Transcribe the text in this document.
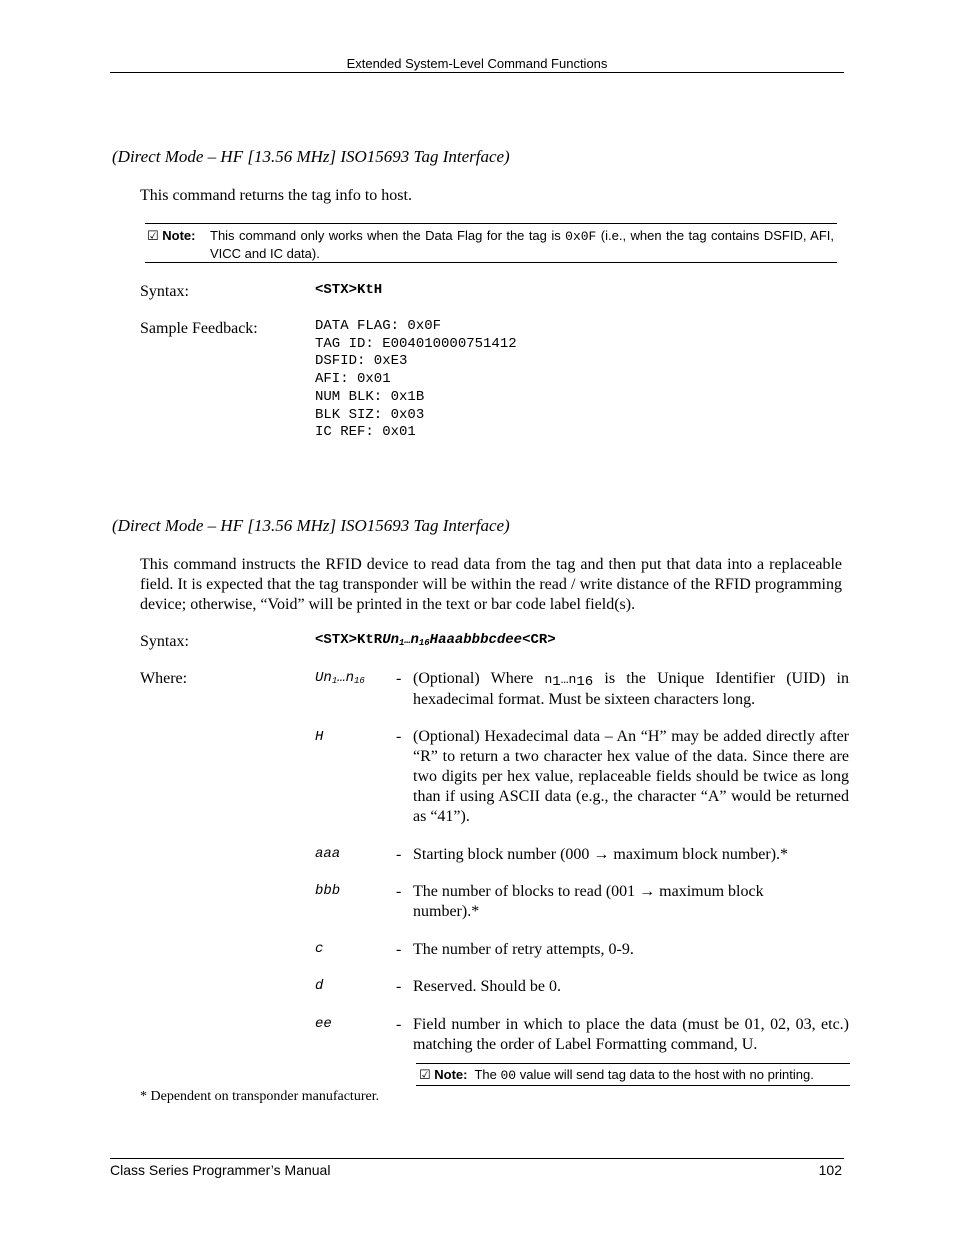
Extended System-Level Command Functions
(Direct Mode – HF [13.56 MHz] ISO15693 Tag Interface)
This command returns the tag info to host.
☑ Note: This command only works when the Data Flag for the tag is 0x0F (i.e., when the tag contains DSFID, AFI, VICC and IC data).
Syntax:	<STX>KtH
Sample Feedback:	DATA FLAG: 0x0F
TAG ID: E004010000751412
DSFID: 0xE3
AFI: 0x01
NUM BLK: 0x1B
BLK SIZ: 0x03
IC REF: 0x01
(Direct Mode – HF [13.56 MHz] ISO15693 Tag Interface)
This command instructs the RFID device to read data from the tag and then put that data into a replaceable field. It is expected that the tag transponder will be within the read / write distance of the RFID programming device; otherwise, “Void” will be printed in the text or bar code label field(s).
Syntax:	$<STX>KtRUn_1\dots n_{16}Haaabbbcdee<CR>$
Where:	$Un_1\dots n_{16}$ - (Optional) Where $n_1\dots n_{16}$ is the Unique Identifier (UID) in hexadecimal format. Must be sixteen characters long.
H	- (Optional) Hexadecimal data – An “H” may be added directly after “R” to return a two character hex value of the data. Since there are two digits per hex value, replaceable fields should be twice as long than if using ASCII data (e.g., the character “A” would be returned as “41”).
aaa	- Starting block number (000 → maximum block number).*
bbb	- The number of blocks to read (001 → maximum block number).*
c	- The number of retry attempts, 0-9.
d	- Reserved. Should be 0.
ee	- Field number in which to place the data (must be 01, 02, 03, etc.) matching the order of Label Formatting command, U.
☑ Note: The 00 value will send tag data to the host with no printing.
* Dependent on transponder manufacturer.
Class Series Programmer’s Manual	102
